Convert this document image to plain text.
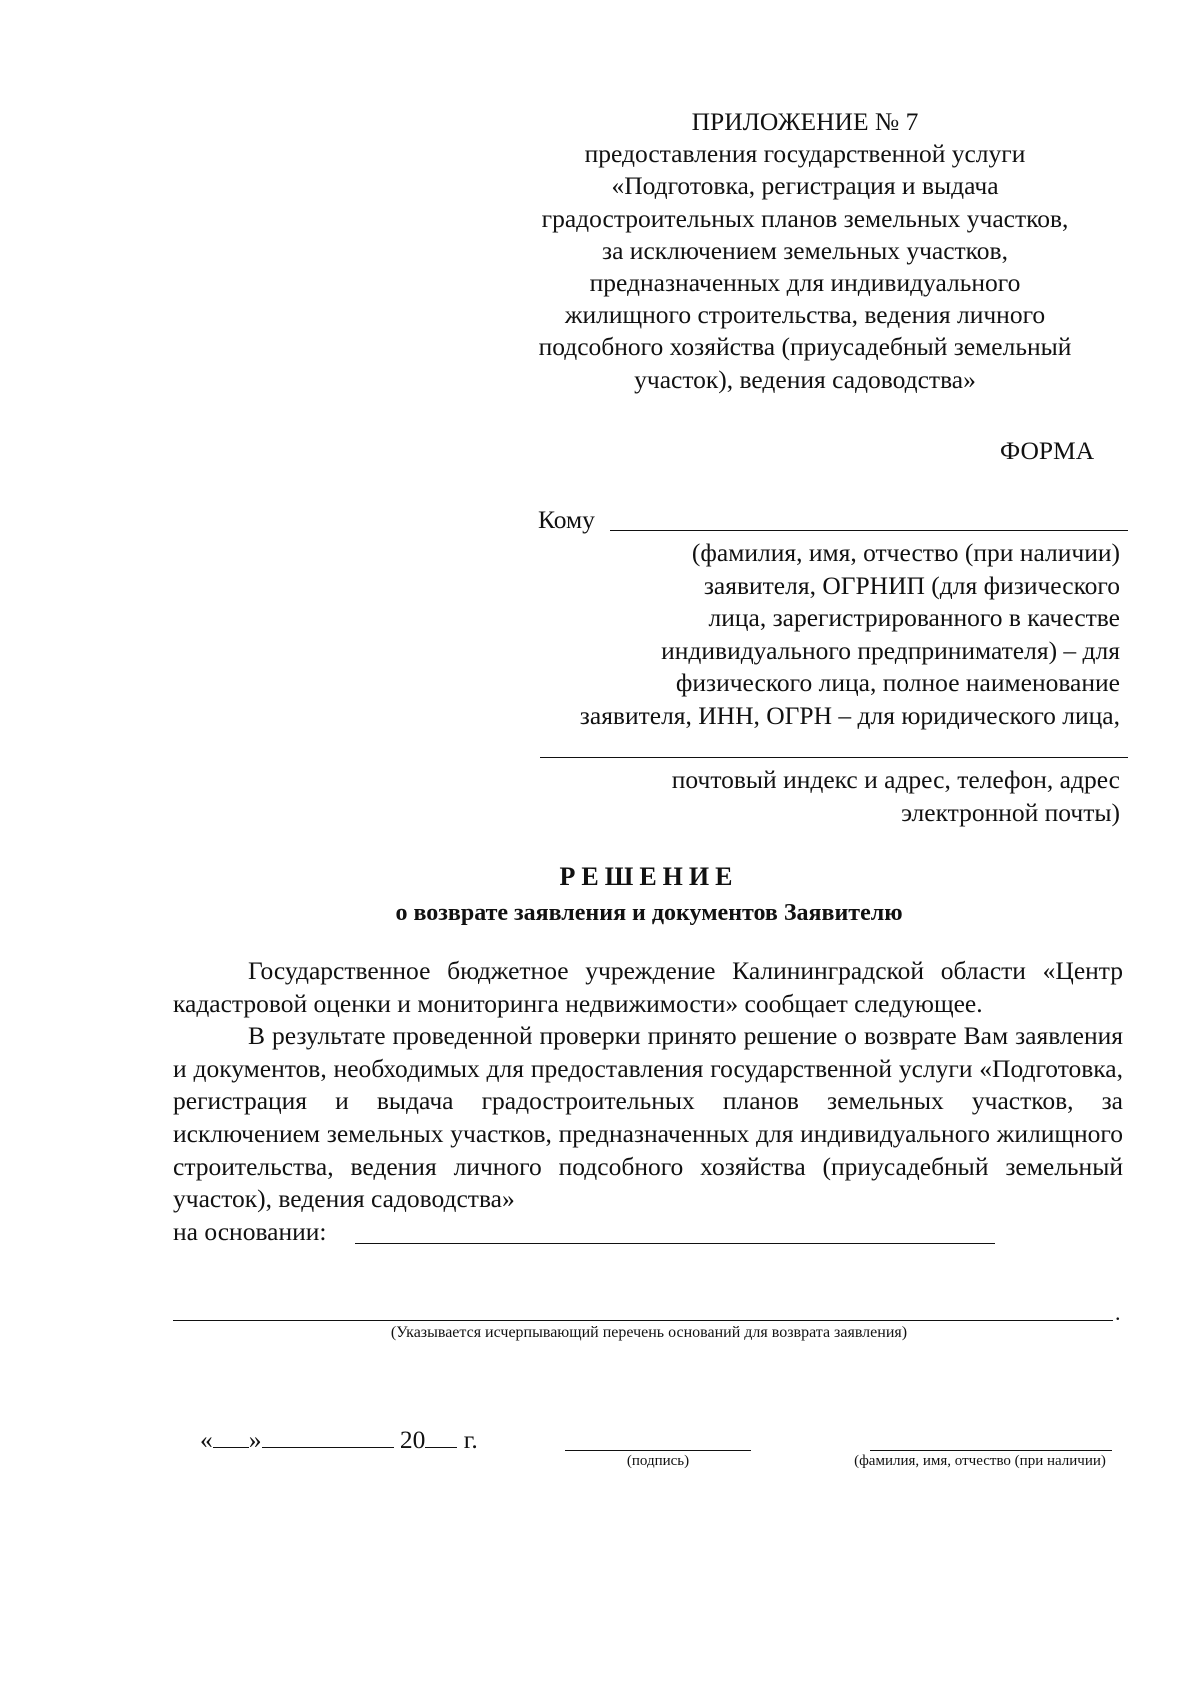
ПРИЛОЖЕНИЕ № 7
предоставления государственной услуги
«Подготовка, регистрация и выдача
градостроительных планов земельных участков,
за исключением земельных участков,
предназначенных для индивидуального
жилищного строительства, ведения личного
подсобного хозяйства (приусадебный земельный
участок), ведения садоводства»
ФОРМА
Кому
(фамилия, имя, отчество (при наличии)
заявителя, ОГРНИП (для физического
лица, зарегистрированного в качестве
индивидуального предпринимателя) – для
физического лица, полное наименование
заявителя, ИНН, ОГРН – для юридического лица,
почтовый индекс и адрес, телефон, адрес
электронной почты)
РЕШЕНИЕ
о возврате заявления и документов Заявителю
Государственное бюджетное учреждение Калининградской области «Центр кадастровой оценки и мониторинга недвижимости» сообщает следующее.
В результате проведенной проверки принято решение о возврате Вам заявления и документов, необходимых для предоставления государственной услуги «Подготовка, регистрация и выдача градостроительных планов земельных участков, за исключением земельных участков, предназначенных для индивидуального жилищного строительства, ведения личного подсобного хозяйства (приусадебный земельный участок), ведения садоводства»
на основании:
.
(Указывается исчерпывающий перечень оснований для возврата заявления)
« »	20 г.
(подпись)	(фамилия, имя, отчество (при наличии)
